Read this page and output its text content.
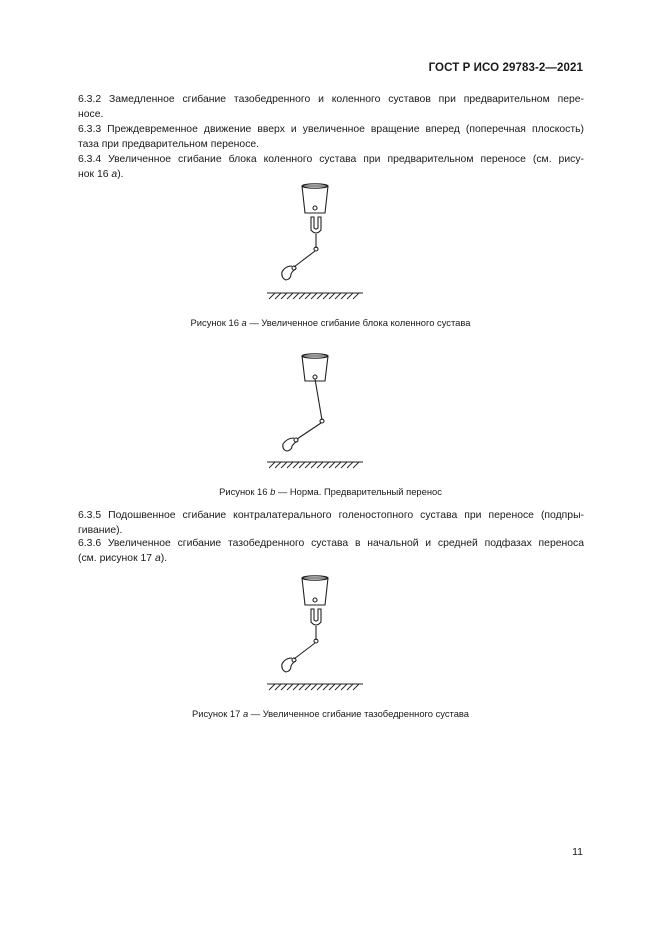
ГОСТ Р ИСО 29783-2—2021
6.3.2 Замедленное сгибание тазобедренного и коленного суставов при предварительном пере-
носе.
6.3.3 Преждевременное движение вверх и увеличенное вращение вперед (поперечная плоскость)
таза при предварительном переносе.
6.3.4 Увеличенное сгибание блока коленного сустава при предварительном переносе (см. рису-
нок 16 а).
Рисунок 16 а — Увеличенное сгибание блока коленного сустава
Рисунок 16 b — Норма. Предварительный перенос
6.3.5 Подошвенное сгибание контралатерального голеностопного сустава при переносе (подпры-
гивание).
6.3.6 Увеличенное сгибание тазобедренного сустава в начальной и средней подфазах переноса
(см. рисунок 17 а).
Рисунок 17 а — Увеличенное сгибание тазобедренного сустава
11
